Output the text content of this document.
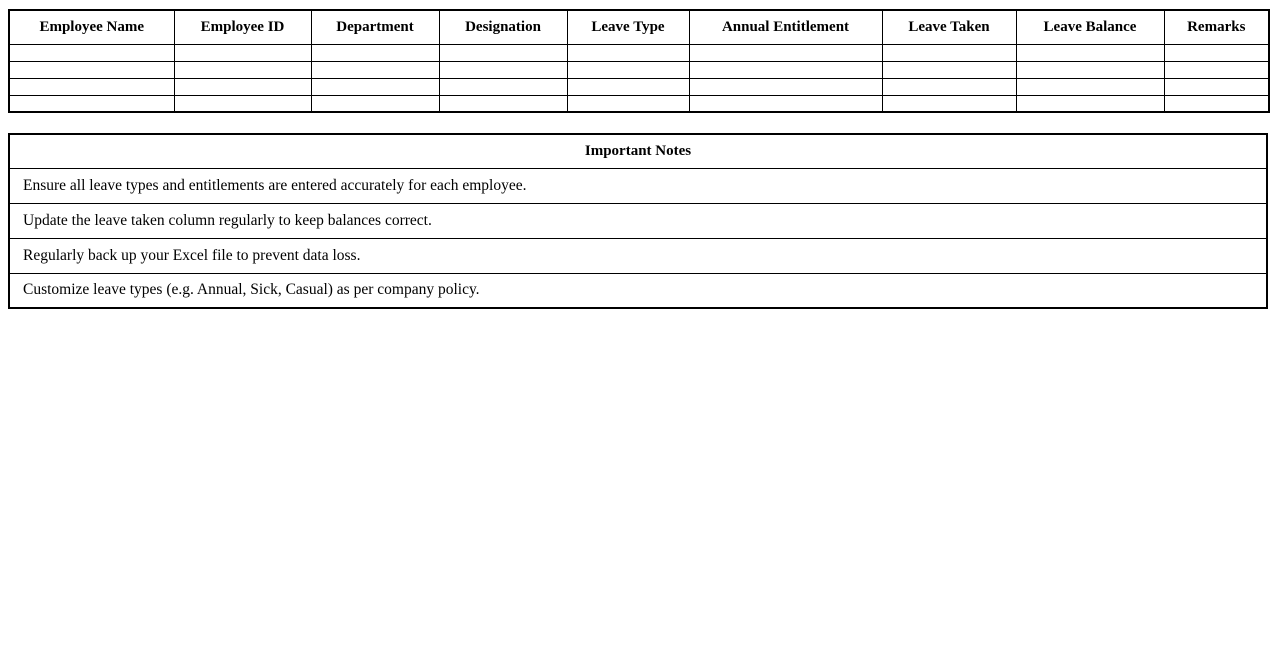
Employee Name	Employee ID	Department	Designation	Leave Type	Annual Entitlement	Leave Taken	Leave Balance	Remarks

Important Notes
Ensure all leave types and entitlements are entered accurately for each employee.
Update the leave taken column regularly to keep balances correct.
Regularly back up your Excel file to prevent data loss.
Customize leave types (e.g. Annual, Sick, Casual) as per company policy.
